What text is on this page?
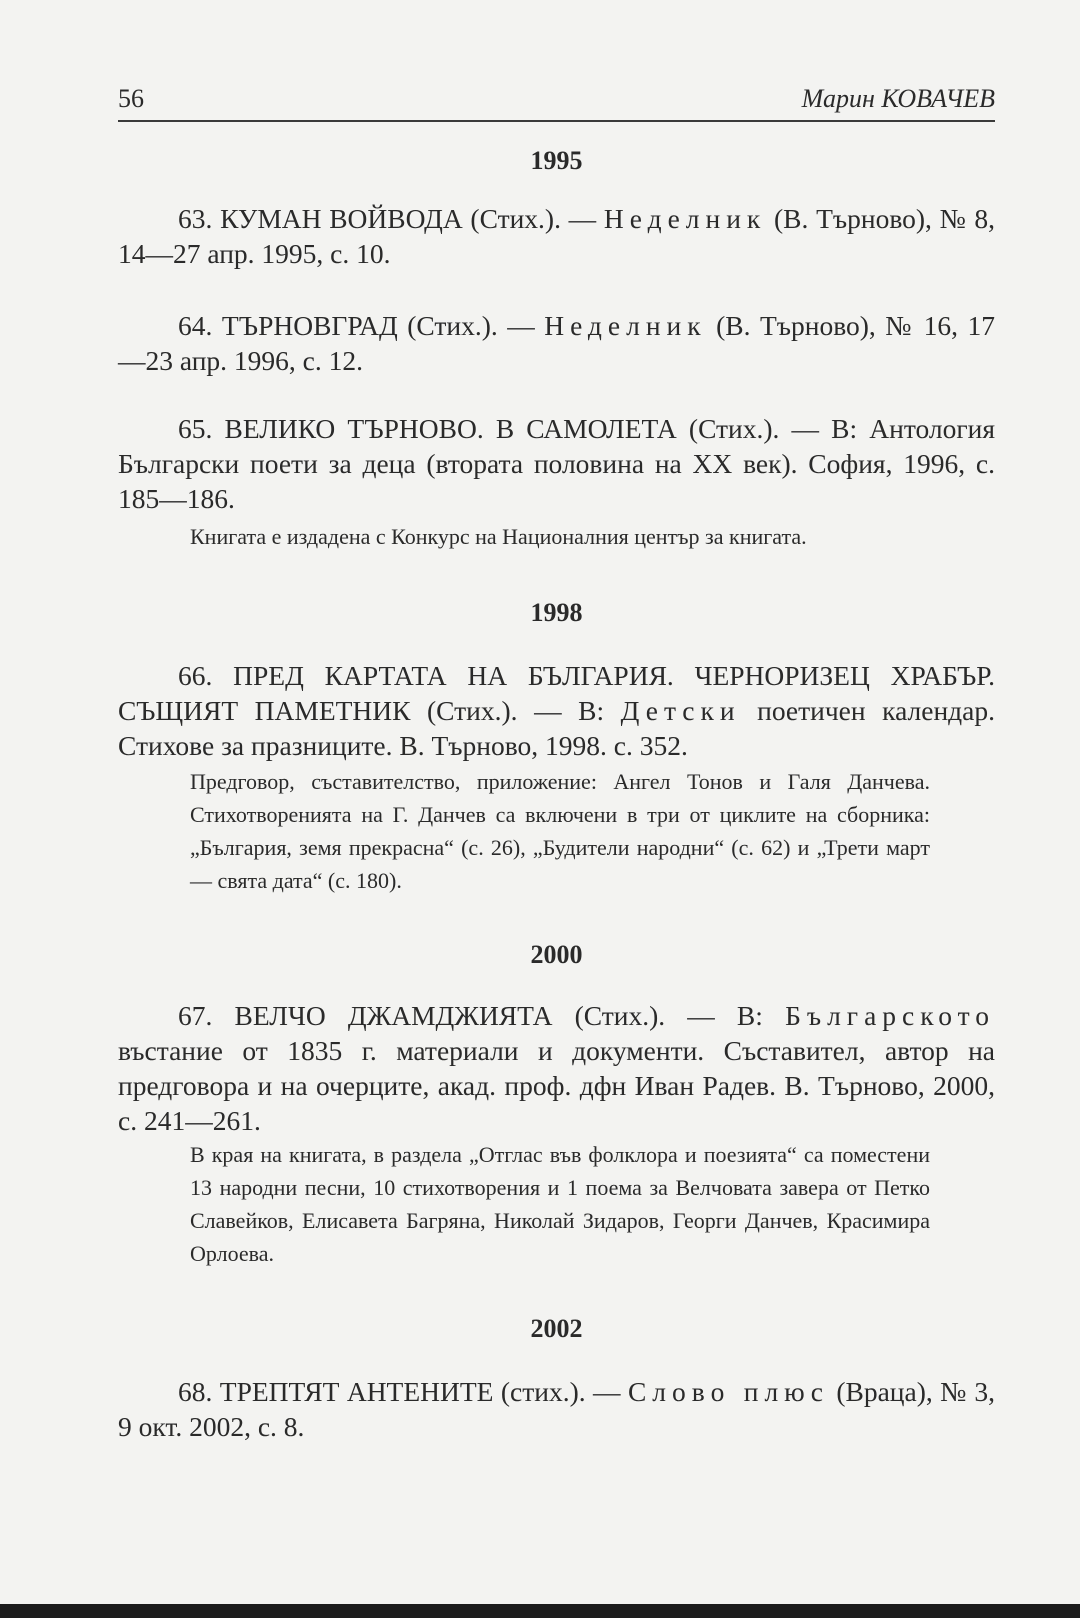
56	Марин КОВАЧЕВ
1995
63. КУМАН ВОЙВОДА (Стих.). — Неделник (В. Търново), № 8, 14—27 апр. 1995, с. 10.
64. ТЪРНОВГРАД (Стих.). — Неделник (В. Търново), № 16, 17—23 апр. 1996, с. 12.
65. ВЕЛИКО ТЪРНОВО. В САМОЛЕТА (Стих.). — В: Антология Български поети за деца (втората половина на XX век). София, 1996, с. 185—186.
Книгата е издадена с Конкурс на Националния център за книгата.
1998
66. ПРЕД КАРТАТА НА БЪЛГАРИЯ. ЧЕРНОРИЗЕЦ ХРАБЪР. СЪЩИЯТ ПАМЕТНИК (Стих.). — В: Детски поетичен календар. Стихове за празниците. В. Търново, 1998. с. 352.
Предговор, съставителство, приложение: Ангел Тонов и Галя Данчева. Стихотворенията на Г. Данчев са включени в три от циклите на сборника: „България, земя прекрасна“ (с. 26), „Будители народни“ (с. 62) и „Трети март — свята дата“ (с. 180).
2000
67. ВЕЛЧО ДЖАМДЖИЯТА (Стих.). — В: Българското въстание от 1835 г. материали и документи. Съставител, автор на предговора и на очерците, акад. проф. дфн Иван Радев. В. Търново, 2000, с. 241—261.
В края на книгата, в раздела „Отглас във фолклора и поезията“ са поместени 13 народни песни, 10 стихотворения и 1 поема за Велчовата завера от Петко Славейков, Елисавета Багряна, Николай Зидаров, Георги Данчев, Красимира Орлоева.
2002
68. ТРЕПТЯТ АНТЕНИТЕ (стих.). — Слово плюс (Враца), № 3, 9 окт. 2002, с. 8.
